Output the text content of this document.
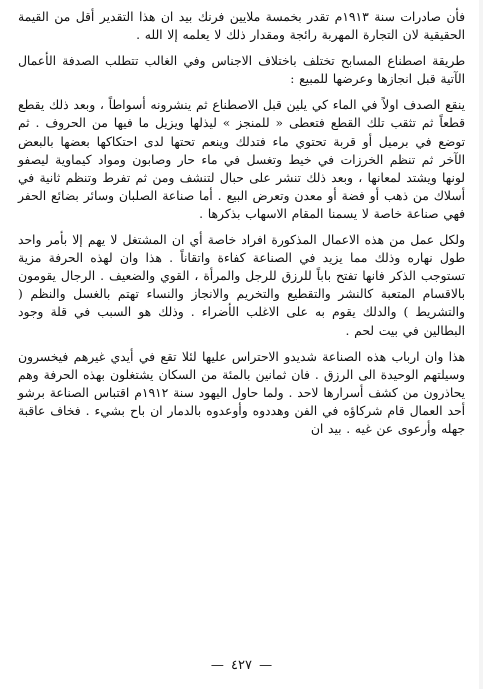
فأن صادرات سنة ١٩١٣م تقدر بخمسة ملايين فرنك بيد ان هذا التقدير أقل من القيمة الحقيقية لان التجارة المهربة رائجة ومقدار ذلك لا يعلمه إلا الله .

طريقة اصطناع المسابح تختلف باختلاف الاجناس وفي الغالب تتطلب الصدفة الأعمال الآتية قبل انجازها وعرضها للمبيع :

ينقع الصدف اولاً في الماء كي يلين قبل الاصطناع ثم ينشرونه أسواطاً ، وبعد ذلك يقطع قطعاً ثم تثقب تلك القطع فتعطى « للمنجز » ليذلها ويزيل ما فيها من الحروف . ثم توضع في برميل أو قربة تحتوي ماء فتدلك وينعم تحتها لدى احتكاكها بعضها بالبعض الآخر ثم تنظم الخرزات في خيط وتغسل في ماء حار وصابون ومواد كيماوية ليصفو لونها ويشتد لمعانها ، وبعد ذلك تنشر على حبال لتنشف ومن ثم تفرط وتنظم ثانية في أسلاك من ذهب أو فضة أو معدن وتعرض البيع . أما صناعة الصلبان وسائر بضائع الحفر فهي صناعة خاصة لا يسمنا المقام الاسهاب بذكرها .

ولكل عمل من هذه الاعمال المذكورة افراد خاصة أي ان المشتغل لا يهم إلا بأمر واحد طول نهاره وذلك مما يزيد في الصناعة كفاءة واتقاناً . هذا وان لهذه الحرفة مزية تستوجب الذكر فانها تفتح باباً للرزق للرجل والمرأة ، القوي والضعيف . الرجال يقومون بالاقسام المتعبة كالنشر والتقطيع والتخريم والانجاز والنساء تهتم بالغسل والنظم ( والتشريط ) والدلك يقوم به على الاغلب الأضراء . وذلك هو السبب في قلة وجود البطالين في بيت لحم .

هذا وان ارباب هذه الصناعة شديدو الاحتراس عليها لئلا تقع في أيدي غيرهم فيخسرون وسيلتهم الوحيدة الى الرزق . فان ثمانين بالمئة من السكان يشتغلون بهذه الحرفة وهم يحاذرون من كشف أسرارها لاحد . ولما حاول اليهود سنة ١٩١٢م اقتباس الصناعة برشو أحد العمال قام شركاؤه في الفن وهددوه وأوعدوه بالدمار ان باح بشيء . فخاف عاقبة جهله وأرعوى عن غيه . بيد ان

— ٤٢٧ —
